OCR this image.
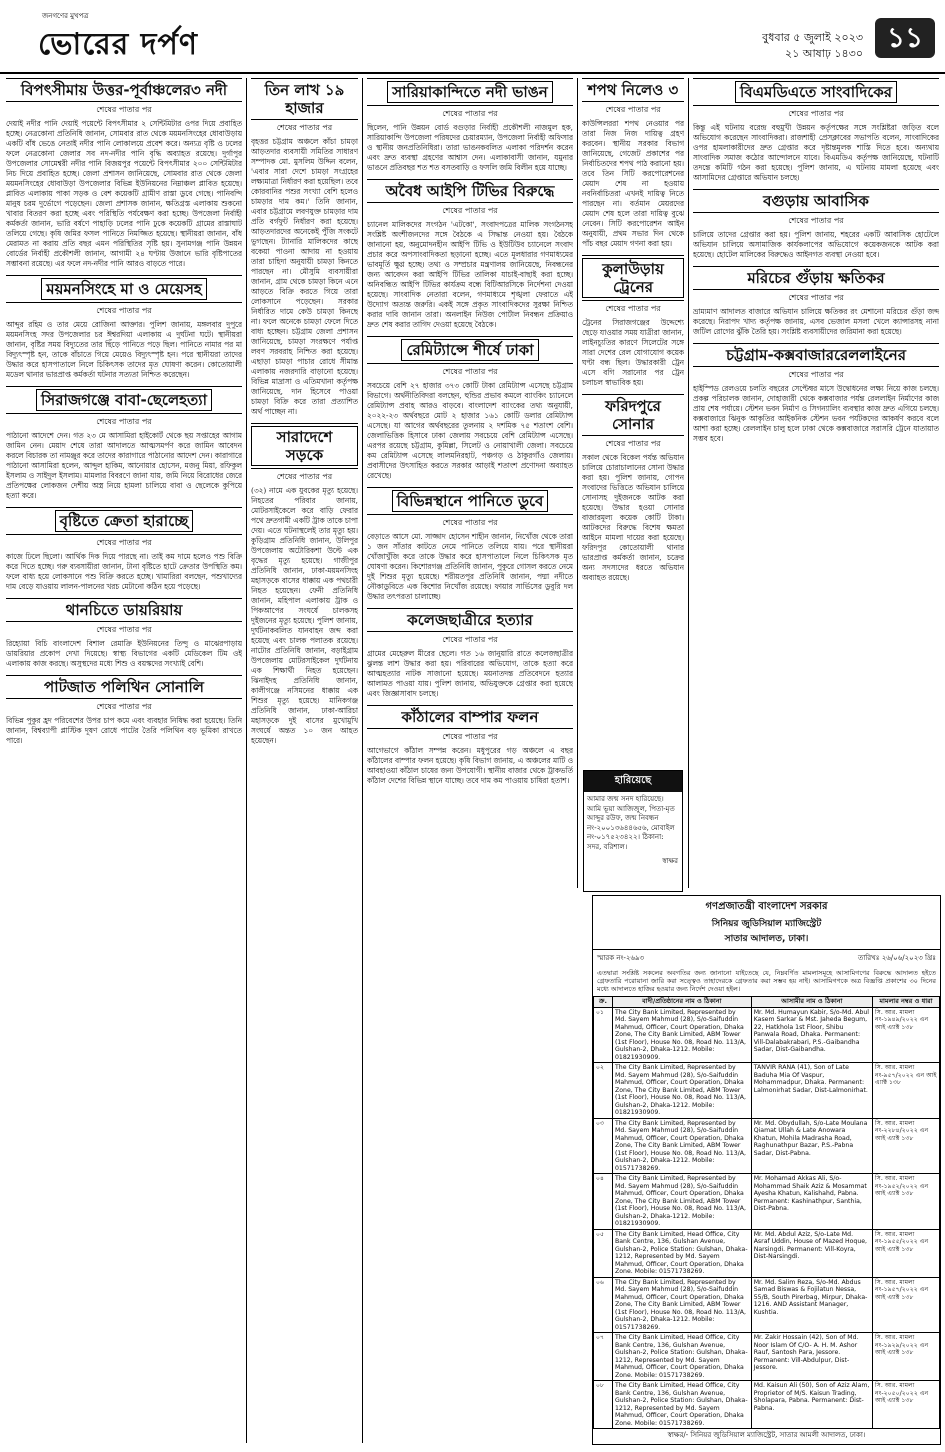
জনগণের মুখপত্র
ভোরের দর্পণ	বুধবার ৫ জুলাই ২০২৩
২১ আষাঢ় ১৪৩০ ১১
বিপৎসীমায় উত্তর-পূর্বাঞ্চলের৩ নদী
শেষের পাতার পর
দেয়াই নদীর পানি দেয়াই পয়েন্টে বিপৎসীমার ২ সেন্টিমিটার ওপর দিয়ে প্রবাহিত হচ্ছে। নেত্রকোনা প্রতিনিধি জানান, সোমবার রাত থেকে ময়মনসিংহের ধোবাউড়ায় একটি বাঁধ ভেঙে নেতাই নদীর পানি লোকালয়ে প্রবেশ করে। অন্যত্র বৃষ্টি ও ঢলের ফলে নেত্রকোনা জেলার সব নদ-নদীর পানি বৃদ্ধি অব্যাহত রয়েছে। দুর্গাপুর উপজেলার সোমেশ্বরী নদীর পানি বিজয়পুর পয়েন্টে বিপৎসীমার ২০০ সেন্টিমিটার নিচ দিয়ে প্রবাহিত হচ্ছে। জেলা প্রশাসন জানিয়েছে, সোমবার রাত থেকে জেলা ময়মনসিংহের ধোবাউড়া উপজেলার বিভিন্ন ইউনিয়নের নিম্নাঞ্চল প্লাবিত হয়েছে। প্লাবিত এলাকায় পাকা সড়ক ও বেশ কয়েকটি গ্রামীণ রাস্তা ডুবে গেছে। পানিবন্দি মানুষ চরম দুর্ভোগে পড়েছেন। জেলা প্রশাসক জানান, ক্ষতিগ্রস্ত এলাকায় শুকনো খাবার বিতরণ করা হচ্ছে এবং পরিস্থিতি পর্যবেক্ষণ করা হচ্ছে। উপজেলা নির্বাহী কর্মকর্তা জানান, ভারি বর্ষণে পাহাড়ি ঢলের পানি ঢুকে কয়েকটি গ্রামের রাস্তাঘাট তলিয়ে গেছে। কৃষি জমির ফসল পানিতে নিমজ্জিত হয়েছে। স্থানীয়রা জানান, বাঁধ মেরামত না করায় প্রতি বছর এমন পরিস্থিতির সৃষ্টি হয়। সুনামগঞ্জ পানি উন্নয়ন বোর্ডের নির্বাহী প্রকৌশলী জানান, আগামী ২৪ ঘণ্টায় উজানে ভারি বৃষ্টিপাতের সম্ভাবনা রয়েছে। এর ফলে নদ-নদীর পানি আরও বাড়তে পারে।
ময়মনসিংহে মা ও মেয়েসহ
শেষের পাতার পর
আব্দুর রহিম ও তার মেয়ে রোজিনা আক্তার। পুলিশ জানায়, মঙ্গলবার দুপুরে ময়মনসিংহ সদর উপজেলার চর ঈশ্বরদিয়া এলাকায় এ দুর্ঘটনা ঘটে। স্থানীয়রা জানান, বৃষ্টির সময় বিদ্যুতের তার ছিঁড়ে পানিতে পড়ে ছিল। পানিতে নামার পর মা বিদ্যুৎস্পৃষ্ট হন, তাকে বাঁচাতে গিয়ে মেয়েও বিদ্যুৎস্পৃষ্ট হন। পরে স্থানীয়রা তাদের উদ্ধার করে হাসপাতালে নিলে চিকিৎসক তাদের মৃত ঘোষণা করেন। কোতোয়ালী মডেল থানার ভারপ্রাপ্ত কর্মকর্তা ঘটনার সত্যতা নিশ্চিত করেছেন।
সিরাজগঞ্জে বাবা-ছেলেহত্যা
শেষের পাতার পর
পাঠানো আদেশে দেন। গত ২৩ মে আসামিরা হাইকোর্ট থেকে ছয় সপ্তাহের আগাম জামিন নেন। মেয়াদ শেষে তারা আদালতে আত্মসমর্পণ করে জামিন আবেদন করলে বিচারক তা নামঞ্জুর করে তাদের কারাগারে পাঠানোর আদেশ দেন। কারাগারে পাঠানো আসামিরা হলেন, আব্দুল হাকিম, আনোয়ার হোসেন, মজনু মিয়া, রফিকুল ইসলাম ও সাইদুল ইসলাম। মামলার বিবরণে জানা যায়, জমি নিয়ে বিরোধের জেরে প্রতিপক্ষের লোকজন দেশীয় অস্ত্র নিয়ে হামলা চালিয়ে বাবা ও ছেলেকে কুপিয়ে হত্যা করে।
বৃষ্টিতে ক্রেতা হারাচ্ছে
শেষের পাতার পর
কাজে ঢিলে ছিলো। আর্থিক দিক দিয়ে পারছে না। তাই কম দামে হলেও পশু বিক্রি করে দিতে হচ্ছে। গরু ব্যবসায়ীরা জানান, টানা বৃষ্টিতে হাটে ক্রেতার উপস্থিতি কম। ফলে বাধ্য হয়ে লোকসানে পশু বিক্রি করতে হচ্ছে। খামারিরা বলছেন, পশুখাদ্যের দাম বেড়ে যাওয়ায় লালন-পালনের খরচ মেটানো কঠিন হয়ে পড়েছে।
থানচিতে ডায়রিয়ায়
শেষের পাতার পর
রিহ্যোয়া বিচি বাংলাদেশ বিশাল রেমাক্রি ইউনিয়নের তিন্দু ও মাঝেরপাড়ায় ডায়রিয়ার প্রকোপ দেখা দিয়েছে। স্বাস্থ্য বিভাগের একটি মেডিকেল টিম ওই এলাকায় কাজ করছে। অসুস্থদের মধ্যে শিশু ও বয়স্কদের সংখ্যাই বেশি।
পাটজাত পলিথিন সোনালি
শেষের পাতার পর
বিভিন্ন পুকুর হ্রদ পরিবেশের উপর চাপ কমে এবং ব্যবহার নিষিদ্ধ করা হয়েছে। তিনি জানান, বিশ্বব্যাপী প্লাস্টিক দূষণ রোধে পাটের তৈরি পলিথিন বড় ভূমিকা রাখতে পারে।
তিন লাখ ১৯ হাজার
শেষের পাতার পর
বৃহত্তর চট্টগ্রাম অঞ্চলে কাঁচা চামড়া আড়তদার ব্যবসায়ী সমিতির সাধারণ সম্পাদক মো. মুসলিম উদ্দিন বলেন, 'এবার সারা দেশে চামড়া সংগ্রহের লক্ষ্যমাত্রা নির্ধারণ করা হয়েছিল। তবে কোরবানির পশুর সংখ্যা বেশি হলেও চামড়ার দাম কম।' তিনি জানান, এবার চট্টগ্রামে লবণযুক্ত চামড়ার দাম প্রতি বর্গফুট নির্ধারণ করা হয়েছে। আড়তদারদের অনেকেই পুঁজি সংকটে ভুগছেন। ট্যানারি মালিকদের কাছে বকেয়া পাওনা আদায় না হওয়ায় তারা চাহিদা অনুযায়ী চামড়া কিনতে পারছেন না। মৌসুমি ব্যবসায়ীরা জানান, গ্রাম থেকে চামড়া কিনে এনে আড়তে বিক্রি করতে গিয়ে তারা লোকসানে পড়েছেন। সরকার নির্ধারিত দামে কেউ চামড়া কিনছে না। ফলে অনেকে চামড়া ফেলে দিতে বাধ্য হচ্ছেন। চট্টগ্রাম জেলা প্রশাসন জানিয়েছে, চামড়া সংরক্ষণে পর্যাপ্ত লবণ সরবরাহ নিশ্চিত করা হয়েছে। এছাড়া চামড়া পাচার রোধে সীমান্ত এলাকায় নজরদারি বাড়ানো হয়েছে। বিভিন্ন মাদ্রাসা ও এতিমখানা কর্তৃপক্ষ জানিয়েছে, দান হিসেবে পাওয়া চামড়া বিক্রি করে তারা প্রত্যাশিত অর্থ পাচ্ছেন না।
সারাদেশে সড়কে
শেষের পাতার পর
(৩২) নামে এক যুবকের মৃত্যু হয়েছে। নিহতের পরিবার জানায়, মোটরসাইকেলে করে বাড়ি ফেরার পথে দ্রুতগামী একটি ট্রাক তাকে চাপা দেয়। এতে ঘটনাস্থলেই তার মৃত্যু হয়। কুড়িগ্রাম প্রতিনিধি জানান, উলিপুর উপজেলায় অটোরিকশা উল্টে এক বৃদ্ধের মৃত্যু হয়েছে। গাজীপুর প্রতিনিধি জানান, ঢাকা-ময়মনসিংহ মহাসড়কে বাসের ধাক্কায় এক পথচারী নিহত হয়েছেন। ফেনী প্রতিনিধি জানান, মহিপাল এলাকায় ট্রাক ও পিকআপের সংঘর্ষে চালকসহ দুইজনের মৃত্যু হয়েছে। পুলিশ জানায়, দুর্ঘটনাকবলিত যানবাহন জব্দ করা হয়েছে এবং চালক পলাতক রয়েছে। নাটোর প্রতিনিধি জানান, বড়াইগ্রাম উপজেলায় মোটরসাইকেল দুর্ঘটনায় এক শিক্ষার্থী নিহত হয়েছেন। ঝিনাইদহ প্রতিনিধি জানান, কালীগঞ্জে নসিমনের ধাক্কায় এক শিশুর মৃত্যু হয়েছে। মানিকগঞ্জ প্রতিনিধি জানান, ঢাকা-আরিচা মহাসড়কে দুই বাসের মুখোমুখি সংঘর্ষে অন্তত ১০ জন আহত হয়েছেন।
সারিয়াকান্দিতে নদী ভাঙন
শেষের পাতার পর
ছিলেন, পানি উন্নয়ন বোর্ড বগুড়ার নির্বাহী প্রকৌশলী নাজমুল হক, সারিয়াকান্দি উপজেলা পরিষদের চেয়ারম্যান, উপজেলা নির্বাহী অফিসার ও স্থানীয় জনপ্রতিনিধিরা। তারা ভাঙনকবলিত এলাকা পরিদর্শন করেন এবং দ্রুত ব্যবস্থা গ্রহণের আশ্বাস দেন। এলাকাবাসী জানান, যমুনার ভাঙনে প্রতিবছর শত শত বসতবাড়ি ও ফসলি জমি বিলীন হয়ে যাচ্ছে।
অবৈধ আইপি টিভির বিরুদ্ধে
শেষের পাতার পর
চ্যানেল মালিকদের সংগঠন 'এটকো', সংবাদপত্রের মালিক সংগঠনসহ সংশ্লিষ্ট অংশীজনদের সঙ্গে বৈঠকে এ সিদ্ধান্ত নেওয়া হয়। বৈঠকে জানানো হয়, অনুমোদনহীন আইপি টিভি ও ইউটিউব চ্যানেলে সংবাদ প্রচার করে অপসাংবাদিকতা ছড়ানো হচ্ছে। এতে মূলধারার গণমাধ্যমের ভাবমূর্তি ক্ষুণ্ণ হচ্ছে। তথ্য ও সম্প্রচার মন্ত্রণালয় জানিয়েছে, নিবন্ধনের জন্য আবেদন করা আইপি টিভির তালিকা যাচাই-বাছাই করা হচ্ছে। অনিবন্ধিত আইপি টিভির কার্যক্রম বন্ধে বিটিআরসিকে নির্দেশনা দেওয়া হয়েছে। সাংবাদিক নেতারা বলেন, গণমাধ্যমে শৃঙ্খলা ফেরাতে এই উদ্যোগ অত্যন্ত জরুরি। একই সঙ্গে প্রকৃত সাংবাদিকদের সুরক্ষা নিশ্চিত করার দাবি জানান তারা। অনলাইন নিউজ পোর্টাল নিবন্ধন প্রক্রিয়াও দ্রুত শেষ করার তাগিদ দেওয়া হয়েছে বৈঠকে।
রেমিট্যান্সে শীর্ষে ঢাকা
শেষের পাতার পর
সবচেয়ে বেশি ২৭ হাজার ৩৭৩ কোটি টাকা রেমিট্যান্স এসেছে চট্টগ্রাম বিভাগে। অর্থনীতিবিদরা বলছেন, হুন্ডির প্রভাব কমলে ব্যাংকিং চ্যানেলে রেমিট্যান্স প্রবাহ আরও বাড়বে। বাংলাদেশ ব্যাংকের তথ্য অনুযায়ী, ২০২২-২৩ অর্থবছরে মোট ২ হাজার ১৬১ কোটি ডলার রেমিট্যান্স এসেছে। যা আগের অর্থবছরের তুলনায় ২ দশমিক ৭৫ শতাংশ বেশি। জেলাভিত্তিক হিসাবে ঢাকা জেলায় সবচেয়ে বেশি রেমিট্যান্স এসেছে। এরপর রয়েছে চট্টগ্রাম, কুমিল্লা, সিলেট ও নোয়াখালী জেলা। সবচেয়ে কম রেমিট্যান্স এসেছে লালমনিরহাট, পঞ্চগড় ও ঠাকুরগাঁও জেলায়। প্রবাসীদের উৎসাহিত করতে সরকার আড়াই শতাংশ প্রণোদনা অব্যাহত রেখেছে।
বিভিন্নস্থানে পানিতে ডুবে
শেষের পাতার পর
বেড়াতে আসে মো. সাজ্জাদ হোসেন শাহীন জানান, নিখোঁজ থেকে তারা ১ জন সাঁতার কাটতে নেমে পানিতে তলিয়ে যায়। পরে স্থানীয়রা খোঁজাখুঁজি করে তাকে উদ্ধার করে হাসপাতালে নিলে চিকিৎসক মৃত ঘোষণা করেন। কিশোরগঞ্জ প্রতিনিধি জানান, পুকুরে গোসল করতে নেমে দুই শিশুর মৃত্যু হয়েছে। শরীয়তপুর প্রতিনিধি জানান, পদ্মা নদীতে নৌকাডুবিতে এক কিশোর নিখোঁজ রয়েছে। ফায়ার সার্ভিসের ডুবুরি দল উদ্ধার তৎপরতা চালাচ্ছে।
কলেজছাত্রীরে হত্যার
শেষের পাতার পর
গ্রামের মেহেরুল মীরের ছেলে। গত ১৬ জানুয়ারি রাতে কলেজছাত্রীর ঝুলন্ত লাশ উদ্ধার করা হয়। পরিবারের অভিযোগ, তাকে হত্যা করে আত্মহত্যার নাটক সাজানো হয়েছে। ময়নাতদন্ত প্রতিবেদনে হত্যার আলামত পাওয়া যায়। পুলিশ জানায়, অভিযুক্তকে গ্রেপ্তার করা হয়েছে এবং জিজ্ঞাসাবাদ চলছে।
কাঁঠালের বাম্পার ফলন
শেষের পাতার পর
আগেভাগে কাঁঠাল সম্পন্ন করেন। মধুপুরের গড় অঞ্চলে এ বছর কাঁঠালের বাম্পার ফলন হয়েছে। কৃষি বিভাগ জানায়, এ অঞ্চলের মাটি ও আবহাওয়া কাঁঠাল চাষের জন্য উপযোগী। স্থানীয় বাজার থেকে ট্রাকভর্তি কাঁঠাল দেশের বিভিন্ন স্থানে যাচ্ছে। তবে দাম কম পাওয়ায় চাষিরা হতাশ।
শপথ নিলেও ৩
শেষের পাতার পর
কাউন্সিলররা শপথ নেওয়ার পর তারা নিজ নিজ দায়িত্ব গ্রহণ করবেন। স্থানীয় সরকার বিভাগ জানিয়েছে, গেজেট প্রকাশের পর নির্বাচিতদের শপথ পাঠ করানো হয়। তবে তিন সিটি করপোরেশনের মেয়াদ শেষ না হওয়ায় নবনির্বাচিতরা এখনই দায়িত্ব নিতে পারছেন না। বর্তমান মেয়রদের মেয়াদ শেষ হলে তারা দায়িত্ব বুঝে নেবেন। সিটি করপোরেশন আইন অনুযায়ী, প্রথম সভার দিন থেকে পাঁচ বছর মেয়াদ গণনা করা হয়।
কুলাউড়ায় ট্রেনের
শেষের পাতার পর
ট্রেনের সিরাজগঞ্জের উদ্দেশ্যে ছেড়ে যাওয়ার সময় যাত্রীরা জানান, লাইনচ্যুতির কারণে সিলেটের সঙ্গে সারা দেশের রেল যোগাযোগ কয়েক ঘণ্টা বন্ধ ছিল। উদ্ধারকারী ট্রেন এসে বগি সরানোর পর ট্রেন চলাচল স্বাভাবিক হয়।
ফরিদপুরে সোনার
শেষের পাতার পর
সকাল থেকে বিকেল পর্যন্ত অভিযান চালিয়ে চোরাচালানের সোনা উদ্ধার করা হয়। পুলিশ জানায়, গোপন সংবাদের ভিত্তিতে অভিযান চালিয়ে সোনাসহ দুইজনকে আটক করা হয়েছে। উদ্ধার হওয়া সোনার বাজারমূল্য কয়েক কোটি টাকা। আটকদের বিরুদ্ধে বিশেষ ক্ষমতা আইনে মামলা দায়ের করা হয়েছে। ফরিদপুর কোতোয়ালী থানার ভারপ্রাপ্ত কর্মকর্তা জানান, চক্রের অন্য সদস্যদের ধরতে অভিযান অব্যাহত রয়েছে।
বিএমডিএতে সাংবাদিকের
শেষের পাতার পর
কিন্তু এই ঘটনায় বরেন্দ্র বহুমুখী উন্নয়ন কর্তৃপক্ষের সঙ্গে সংশ্লিষ্টরা জড়িত বলে অভিযোগ করেছেন সাংবাদিকরা। রাজশাহী প্রেসক্লাবের সভাপতি বলেন, সাংবাদিকের ওপর হামলাকারীদের দ্রুত গ্রেপ্তার করে দৃষ্টান্তমূলক শাস্তি দিতে হবে। অন্যথায় সাংবাদিক সমাজ কঠোর আন্দোলনে যাবে। বিএমডিএ কর্তৃপক্ষ জানিয়েছে, ঘটনাটি তদন্তে কমিটি গঠন করা হয়েছে। পুলিশ জানায়, এ ঘটনায় মামলা হয়েছে এবং আসামিদের গ্রেপ্তারে অভিযান চলছে।
বগুড়ায় আবাসিক
শেষের পাতার পর
চালিয়ে তাদের গ্রেপ্তার করা হয়। পুলিশ জানায়, শহরের একটি আবাসিক হোটেলে অভিযান চালিয়ে অসামাজিক কার্যকলাপের অভিযোগে কয়েকজনকে আটক করা হয়েছে। হোটেল মালিকের বিরুদ্ধেও আইনগত ব্যবস্থা নেওয়া হবে।
মরিচের গুঁড়ায় ক্ষতিকর
শেষের পাতার পর
ভ্রাম্যমাণ আদালত বাজারে অভিযান চালিয়ে ক্ষতিকর রং মেশানো মরিচের গুঁড়া জব্দ করেছে। নিরাপদ খাদ্য কর্তৃপক্ষ জানায়, এসব ভেজাল মসলা খেলে ক্যান্সারসহ নানা জটিল রোগের ঝুঁকি তৈরি হয়। সংশ্লিষ্ট ব্যবসায়ীদের জরিমানা করা হয়েছে।
চট্টগ্রাম-কক্সবাজাররেললাইনের
শেষের পাতার পর
হাইস্পিড রেলওয়ে চলতি বছরের সেপ্টেম্বর মাসে উদ্বোধনের লক্ষ্য নিয়ে কাজ চলছে। প্রকল্প পরিচালক জানান, দোহাজারী থেকে কক্সবাজার পর্যন্ত রেললাইন নির্মাণের কাজ প্রায় শেষ পর্যায়ে। স্টেশন ভবন নির্মাণ ও সিগন্যালিং ব্যবস্থার কাজ দ্রুত এগিয়ে চলছে। কক্সবাজারে ঝিনুক আকৃতির আইকনিক স্টেশন ভবন পর্যটকদের আকর্ষণ করবে বলে আশা করা হচ্ছে। রেললাইন চালু হলে ঢাকা থেকে কক্সবাজারে সরাসরি ট্রেনে যাতায়াত সম্ভব হবে।
হারিয়েছে
আমার জন্ম সনদ হারিয়েছে। আমি ভূয়া আজিজুল, পিতা-মৃত আব্দুর রউফ, জন্ম নিবন্ধন নং-২০০১৩৬৪৪৬৫৬, মোবাইল নং-০১৭৫২৩৪২২। ঠিকানা: সদর, বরিশাল।
স্বাক্ষর
গণপ্রজাতন্ত্রী বাংলাদেশ সরকার
সিনিয়র জুডিসিয়াল ম্যাজিস্ট্রেট
সাতার আদালত, ঢাকা।
স্মারক নং-২৬৯৩	তারিখঃ ২৬/০৬/২০২৩ খ্রিঃ
এতদ্বারা সংশ্লিষ্ট সকলের অবগতির জন্য জানানো যাইতেছে যে, নিম্নবর্ণিত মামলাসমূহে আসামিগণের বিরুদ্ধে আদালত হইতে গ্রেফতারি পরোয়ানা জারি করা সত্ত্বেও তাহাদেরকে গ্রেফতার করা সম্ভব হয় নাই। আসামিগণকে অত্র বিজ্ঞপ্তি প্রকাশের ৩০ দিনের মধ্যে আদালতে হাজির হওয়ার জন্য নির্দেশ দেওয়া হইল।
ক্র.	বাদী/প্রতিষ্ঠানের নাম ও ঠিকানা	আসামীর নাম ও ঠিকানা	মামলার নম্বর ও ধারা
০১	The City Bank Limited, Represented by Md. Sayem Mahmud (28), S/o-Saifuddin Mahmud, Officer, Court Operation, Dhaka Zone, The City Bank Limited, ABM Tower (1st Floor), House No. 08, Road No. 113/A, Gulshan-2, Dhaka-1212. Mobile: 01821930909.	Mr. Md. Humayun Kabir, S/o-Md. Abul Kasem Sarkar & Mst. Jaheda Begum, 22, Hatkhola 1st Floor, Shibu Panwala Road, Dhaka. Permanent: Vill-Dalabakrabari, P.S.-Gaibandha Sadar, Dist-Gaibandha.	সি. আর. মামলা নং-১৯৪৯/২০২২ এন আই এ্যাক্ট ১৩৮
০২	The City Bank Limited, Represented by Md. Sayem Mahmud (28), S/o-Saifuddin Mahmud, Officer, Court Operation, Dhaka Zone, The City Bank Limited, ABM Tower (1st Floor), House No. 08, Road No. 113/A, Gulshan-2, Dhaka-1212. Mobile: 01821930909.	TANVIR RANA (41), Son of Late Baduha Mia Of Vaspur, Mohammadpur, Dhaka. Permanent: Lalmonirhat Sadar, Dist-Lalmonirhat.	সি. আর. মামলা নং-৯৫৭/২০২২ এন আই এ্যাক্ট ১৩৮
০৩	The City Bank Limited, Represented by Md. Sayem Mahmud (28), S/o-Saifuddin Mahmud, Officer, Court Operation, Dhaka Zone, The City Bank Limited, ABM Tower (1st Floor), House No. 08, Road No. 113/A, Gulshan-2, Dhaka-1212. Mobile: 01571738269.	Mr. Md. Obydullah, S/o-Late Moulana Qiamat Ullah & Late Anowara Khatun, Mohila Madrasha Road, Raghunathpur Bazar, P.S.-Pabna Sadar, Dist-Pabna.	সি. আর. মামলা নং-২২৮৪/২০২২ এন আই এ্যাক্ট ১৩৮
০৪	The City Bank Limited, Represented by Md. Sayem Mahmud (28), S/o-Saifuddin Mahmud, Officer, Court Operation, Dhaka Zone, The City Bank Limited, ABM Tower (1st Floor), House No. 08, Road No. 113/A, Gulshan-2, Dhaka-1212. Mobile: 01821930909.	Mr. Mohamad Akkas Ali, S/o-Mohammad Shaik Aziz & Mosammat Ayesha Khatun, Kalishahd, Pabna. Permanent: Kashinathpur, Santhia, Dist-Pabna.	সি. আর. মামলা নং-১৯৫২/২০২২ এন আই এ্যাক্ট ১৩৮
০৫	The City Bank Limited, Head Office, City Bank Centre, 136, Gulshan Avenue, Gulshan-2, Police Station: Gulshan, Dhaka-1212, Represented by Md. Sayem Mahmud, Officer, Court Operation, Dhaka Zone. Mobile: 01571738269.	Mr. Md. Abdul Aziz, S/o-Late Md. Asraf Uddin, House of Mazed Hoque, Narsingdi. Permanent: Vill-Koyra, Dist-Narsingdi.	সি. আর. মামলা নং-১৯৫৫/২০২২ এন আই এ্যাক্ট ১৩৮
০৬	The City Bank Limited, Represented by Md. Sayem Mahmud (28), S/o-Saifuddin Mahmud, Officer, Court Operation, Dhaka Zone, The City Bank Limited, ABM Tower (1st Floor), House No. 08, Road No. 113/A, Gulshan-2, Dhaka-1212. Mobile: 01571738269.	Mr. Md. Salim Reza, S/o-Md. Abdus Samad Biswas & Fojilatun Nessa, 55/B, South Pirerbag, Mirpur, Dhaka-1216. AND Assistant Manager, Kushtia.	সি. আর. মামলা নং-১৯৫৭/২০২২ এন আই এ্যাক্ট ১৩৮
০৭	The City Bank Limited, Head Office, City Bank Centre, 136, Gulshan Avenue, Gulshan-2, Police Station: Gulshan, Dhaka-1212, Represented by Md. Sayem Mahmud, Officer, Court Operation, Dhaka Zone. Mobile: 01571738269.	Mr. Zakir Hossain (42), Son of Md. Noor Islam Of C/O- A. H. M. Ashor Rauf, Santosh Para, Jessore. Permanent: Vill-Abdulpur, Dist-Jessore.	সি. আর. মামলা নং-১৯২৯/২০২২ এন আই এ্যাক্ট ১৩৮
০৮	The City Bank Limited, Head Office, City Bank Centre, 136, Gulshan Avenue, Gulshan-2, Police Station: Gulshan, Dhaka-1212, Represented by Md. Sayem Mahmud, Officer, Court Operation, Dhaka Zone. Mobile: 01571738269.	Md. Kaisun Ali (50), Son of Aziz Alam, Proprietor of M/S. Kaisun Trading, Sholapara, Pabna. Permanent: Dist-Pabna.	সি. আর. মামলা নং-২০৫০/২০২২ এন আই এ্যাক্ট ১৩৮
স্বাক্ষর/- সিনিয়র জুডিসিয়াল ম্যাজিস্ট্রেট, সাতার আমলী আদালত, ঢাকা।
